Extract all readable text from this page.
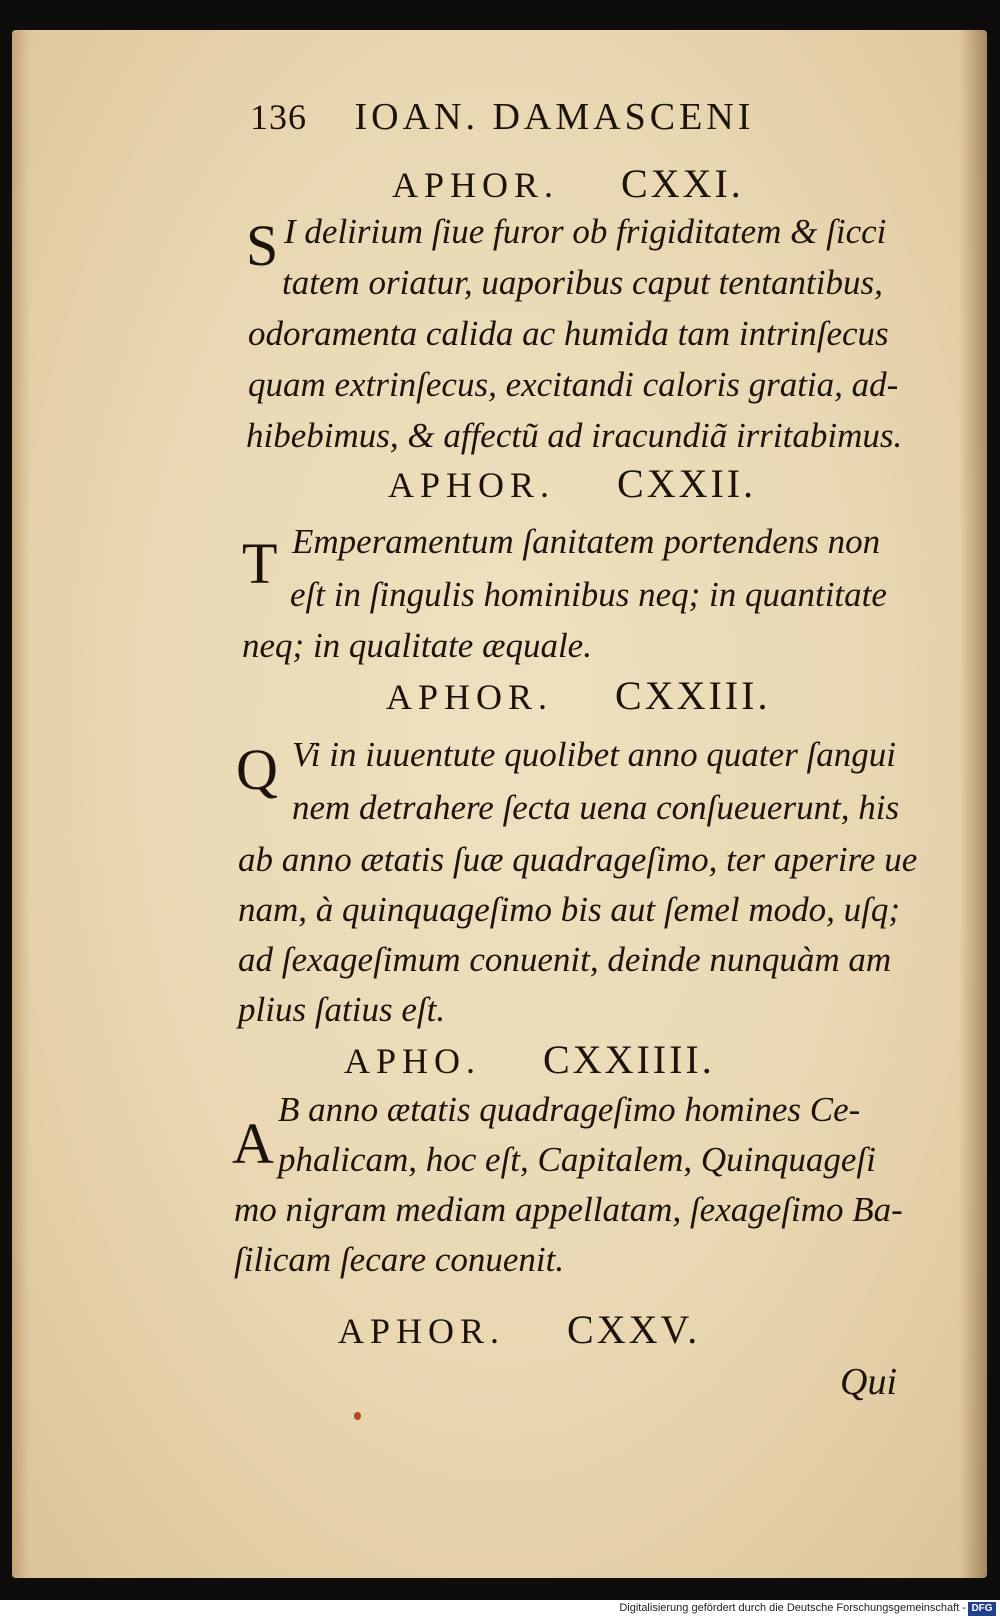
136 IOAN. DAMASCENI
APHOR. CXXI.
S I delirium ſiue furor ob frigiditatem & ſicci
tatem oriatur, uaporibus caput tentantibus,
odoramenta calida ac humida tam intrinſecus
quam extrinſecus, excitandi caloris gratia, ad-
hibebimus, & affectũ ad iracundiã irritabimus.
APHOR. CXXII.
T Emperamentum ſanitatem portendens non
eſt in ſingulis hominibus neq; in quantitate
neq; in qualitate æquale.
APHOR. CXXIII.
Q Vi in iuuentute quolibet anno quater ſangui
nem detrahere ſecta uena conſueuerunt, his
ab anno ætatis ſuæ quadrageſimo, ter aperire ue
nam, à quinquageſimo bis aut ſemel modo, uſq;
ad ſexageſimum conuenit, deinde nunquàm am
plius ſatius eſt.
APHO. CXXIIII.
A
B anno ætatis quadrageſimo homines Ce-
phalicam, hoc eſt, Capitalem, Quinquageſi
mo nigram mediam appellatam, ſexageſimo Ba-
ſilicam ſecare conuenit.
APHOR. CXXV.
Qui
Digitalisierung gefördert durch die Deutsche Forschungsgemeinschaft - DFG
